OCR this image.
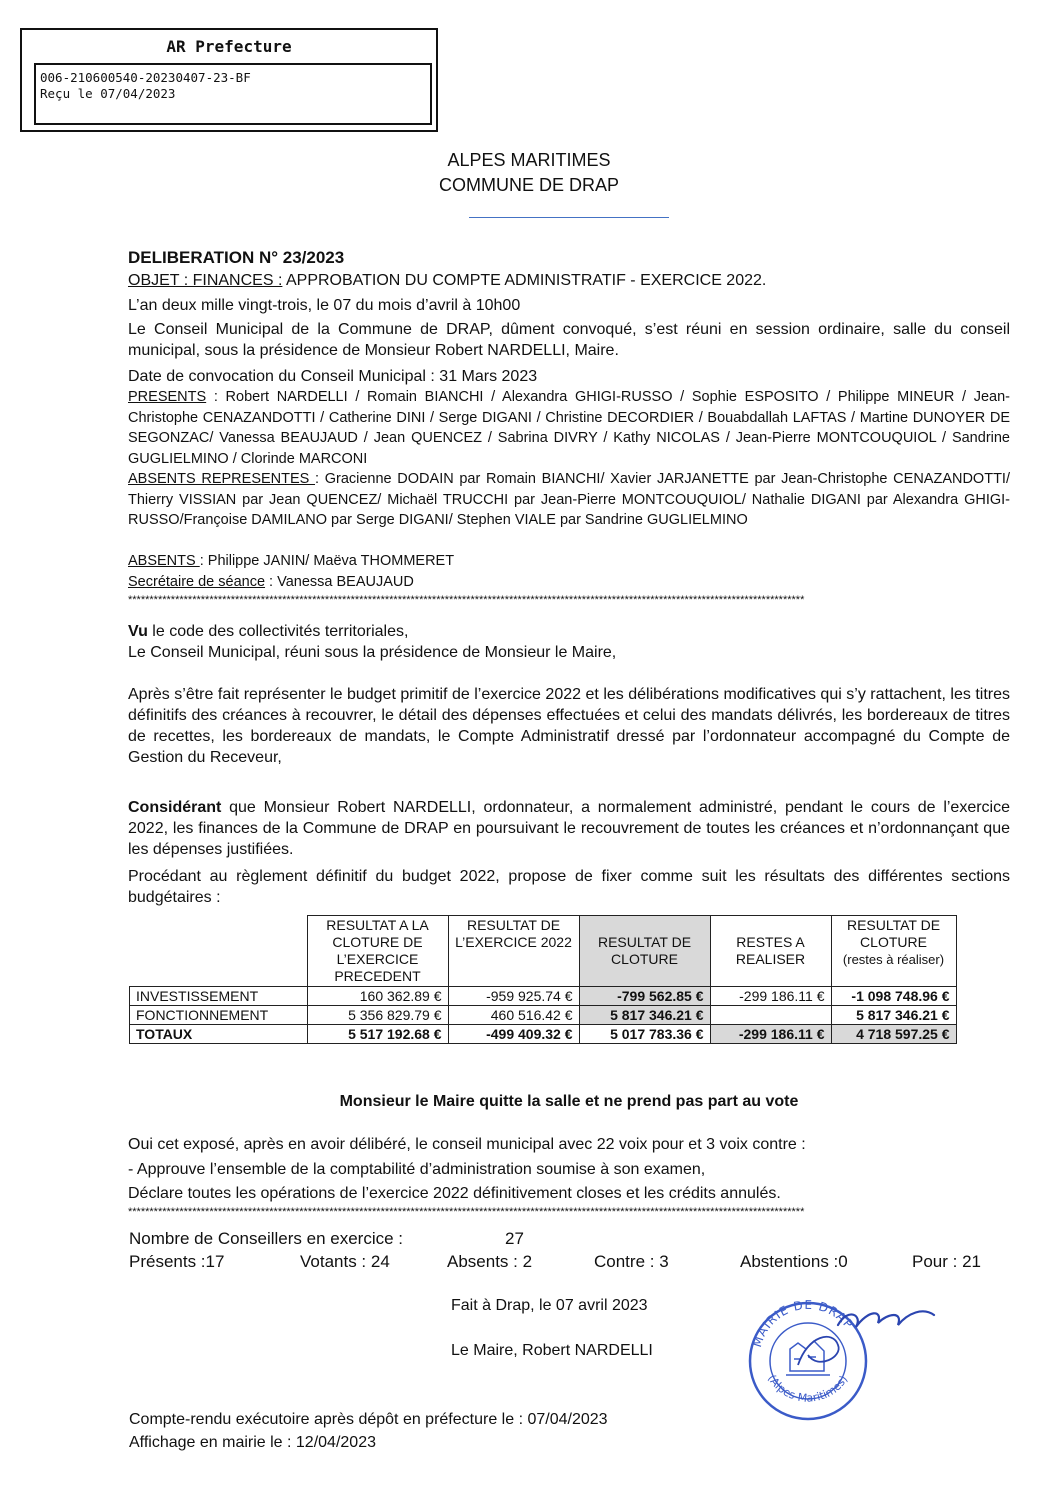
AR Prefecture
006-210600540-20230407-23-BF
Reçu le 07/04/2023
ALPES MARITIMES
COMMUNE DE DRAP
DELIBERATION N° 23/2023
OBJET : FINANCES : APPROBATION DU COMPTE ADMINISTRATIF - EXERCICE 2022.
L’an deux mille vingt-trois, le 07 du mois d’avril à 10h00
Le Conseil Municipal de la Commune de DRAP, dûment convoqué, s’est réuni en session ordinaire, salle du conseil municipal, sous la présidence de Monsieur Robert NARDELLI, Maire.
Date de convocation du Conseil Municipal : 31 Mars 2023
PRESENTS : Robert NARDELLI / Romain BIANCHI / Alexandra GHIGI-RUSSO / Sophie ESPOSITO / Philippe MINEUR / Jean-Christophe CENAZANDOTTI / Catherine DINI / Serge DIGANI / Christine DECORDIER / Bouabdallah LAFTAS / Martine DUNOYER DE SEGONZAC/ Vanessa BEAUJAUD / Jean QUENCEZ / Sabrina DIVRY / Kathy NICOLAS / Jean-Pierre MONTCOUQUIOL / Sandrine GUGLIELMINO / Clorinde MARCONI
ABSENTS REPRESENTES : Gracienne DODAIN par Romain BIANCHI/ Xavier JARJANETTE par Jean-Christophe CENAZANDOTTI/ Thierry VISSIAN par Jean QUENCEZ/ Michaël TRUCCHI par Jean-Pierre MONTCOUQUIOL/ Nathalie DIGANI par Alexandra GHIGI-RUSSO/Françoise DAMILANO par Serge DIGANI/ Stephen VIALE par Sandrine GUGLIELMINO
ABSENTS : Philippe JANIN/ Maëva THOMMERET
Secrétaire de séance : Vanessa BEAUJAUD
**************************************************************************************************************************************************************
Vu le code des collectivités territoriales,
Le Conseil Municipal, réuni sous la présidence de Monsieur le Maire,
Après s’être fait représenter le budget primitif de l’exercice 2022 et les délibérations modificatives qui s’y rattachent, les titres définitifs des créances à recouvrer, le détail des dépenses effectuées et celui des mandats délivrés, les bordereaux de titres de recettes, les bordereaux de mandats, le Compte Administratif dressé par l’ordonnateur accompagné du Compte de Gestion du Receveur,
Considérant que Monsieur Robert NARDELLI, ordonnateur, a normalement administré, pendant le cours de l’exercice 2022, les finances de la Commune de DRAP en poursuivant le recouvrement de toutes les créances et n’ordonnançant que les dépenses justifiées.
Procédant au règlement définitif du budget 2022, propose de fixer comme suit les résultats des différentes sections budgétaires :
	RESULTAT A LA CLOTURE DE L’EXERCICE PRECEDENT	RESULTAT DE L’EXERCICE 2022	RESULTAT DE CLOTURE	RESTES A REALISER	RESULTAT DE CLOTURE
(restes à réaliser)

INVESTISSEMENT	160 362.89 €	-959 925.74 €	-799 562.85 €	-299 186.11 €	-1 098 748.96 €
FONCTIONNEMENT	5 356 829.79 €	460 516.42 €	5 817 346.21 €		5 817 346.21 €
TOTAUX	5 517 192.68 €	-499 409.32 €	5 017 783.36 €	-299 186.11 €	4 718 597.25 €
Monsieur le Maire quitte la salle et ne prend pas part au vote
Oui cet exposé, après en avoir délibéré, le conseil municipal avec 22 voix pour et 3 voix contre :
- Approuve l’ensemble de la comptabilité d’administration soumise à son examen,
Déclare toutes les opérations de l’exercice 2022 définitivement closes et les crédits annulés.
**************************************************************************************************************************************************************
Nombre de Conseillers en exercice :	27
Présents :17	Votants : 24	Absents : 2	Contre : 3	Abstentions :0	Pour : 21
Fait à Drap, le 07 avril 2023
Le Maire, Robert NARDELLI
MAIRIE DE DRAP
(Alpes-Maritimes)
Compte-rendu exécutoire après dépôt en préfecture le : 07/04/2023
Affichage en mairie le : 12/04/2023
